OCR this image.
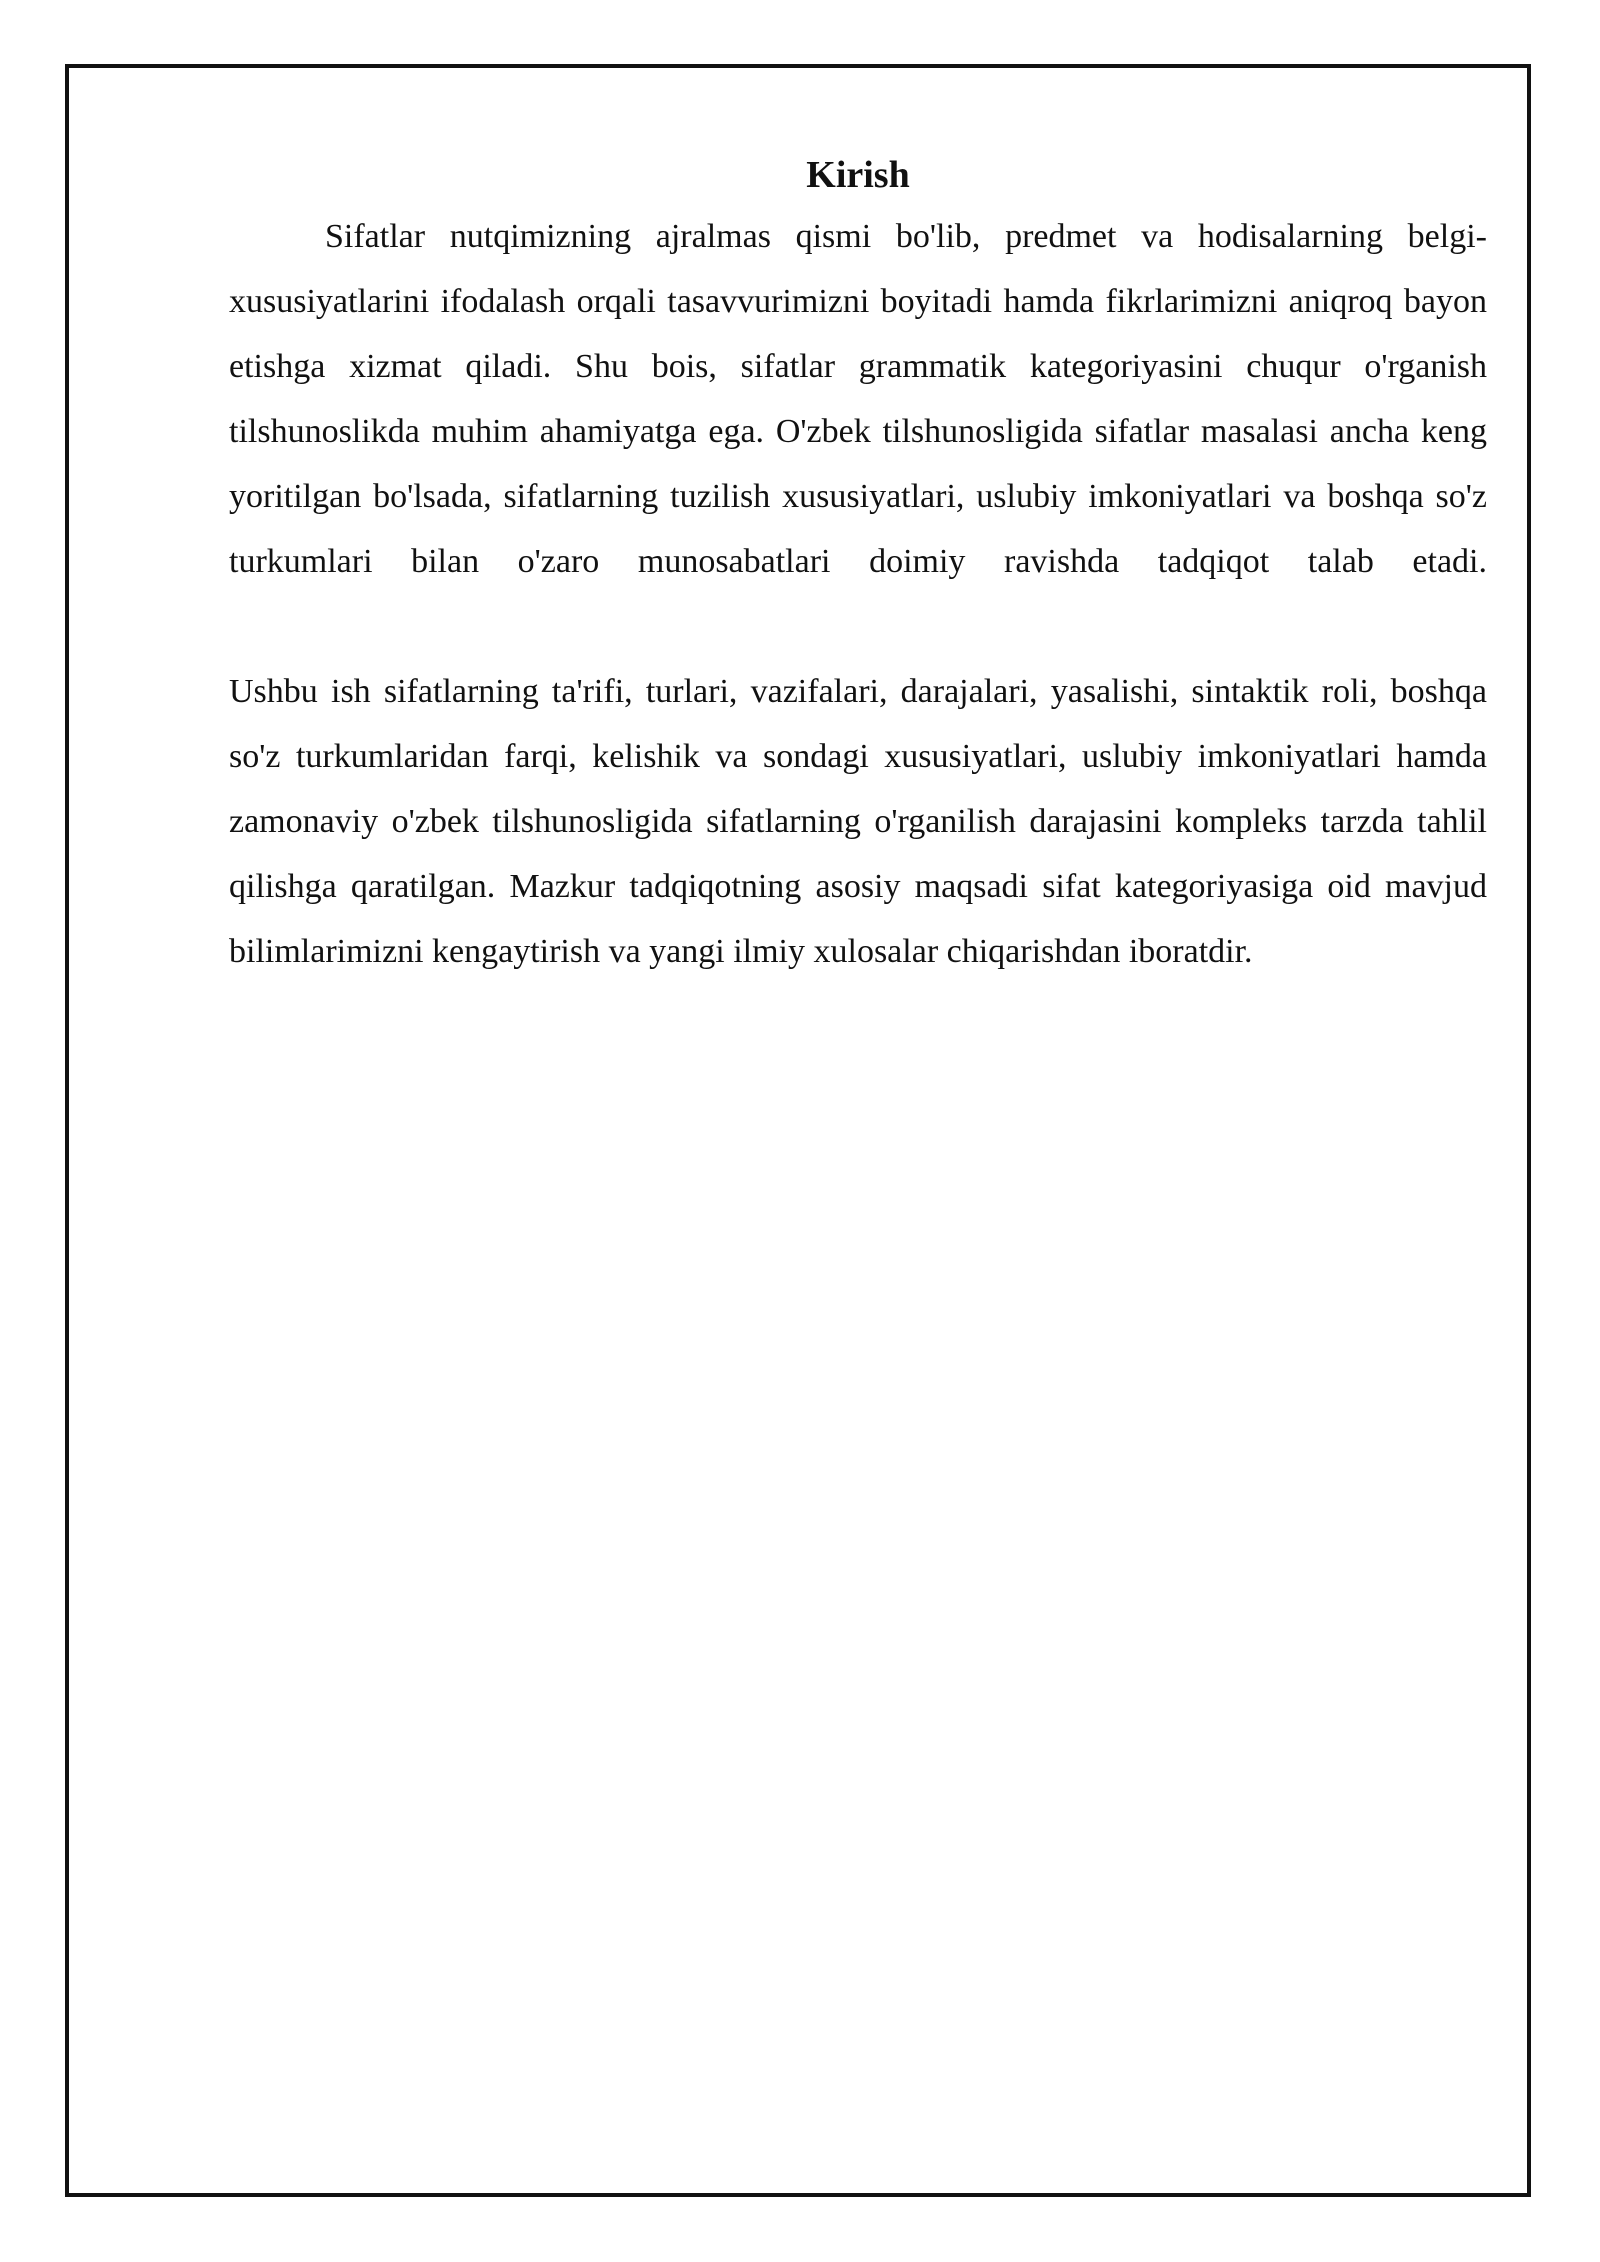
Kirish

Sifatlar nutqimizning ajralmas qismi bo'lib, predmet va hodisalarning belgi-xususiyatlarini ifodalash orqali tasavvurimizni boyitadi hamda fikrlarimizni aniqroq bayon etishga xizmat qiladi. Shu bois, sifatlar grammatik kategoriyasini chuqur o'rganish tilshunoslikda muhim ahamiyatga ega. O'zbek tilshunosligida sifatlar masalasi ancha keng yoritilgan bo'lsada, sifatlarning tuzilish xususiyatlari, uslubiy imkoniyatlari va boshqa so'z turkumlari bilan o'zaro munosabatlari doimiy ravishda tadqiqot talab etadi.

Ushbu ish sifatlarning ta'rifi, turlari, vazifalari, darajalari, yasalishi, sintaktik roli, boshqa so'z turkumlaridan farqi, kelishik va sondagi xususiyatlari, uslubiy imkoniyatlari hamda zamonaviy o'zbek tilshunosligida sifatlarning o'rganilish darajasini kompleks tarzda tahlil qilishga qaratilgan. Mazkur tadqiqotning asosiy maqsadi sifat kategoriyasiga oid mavjud bilimlarimizni kengaytirish va yangi ilmiy xulosalar chiqarishdan iboratdir.
